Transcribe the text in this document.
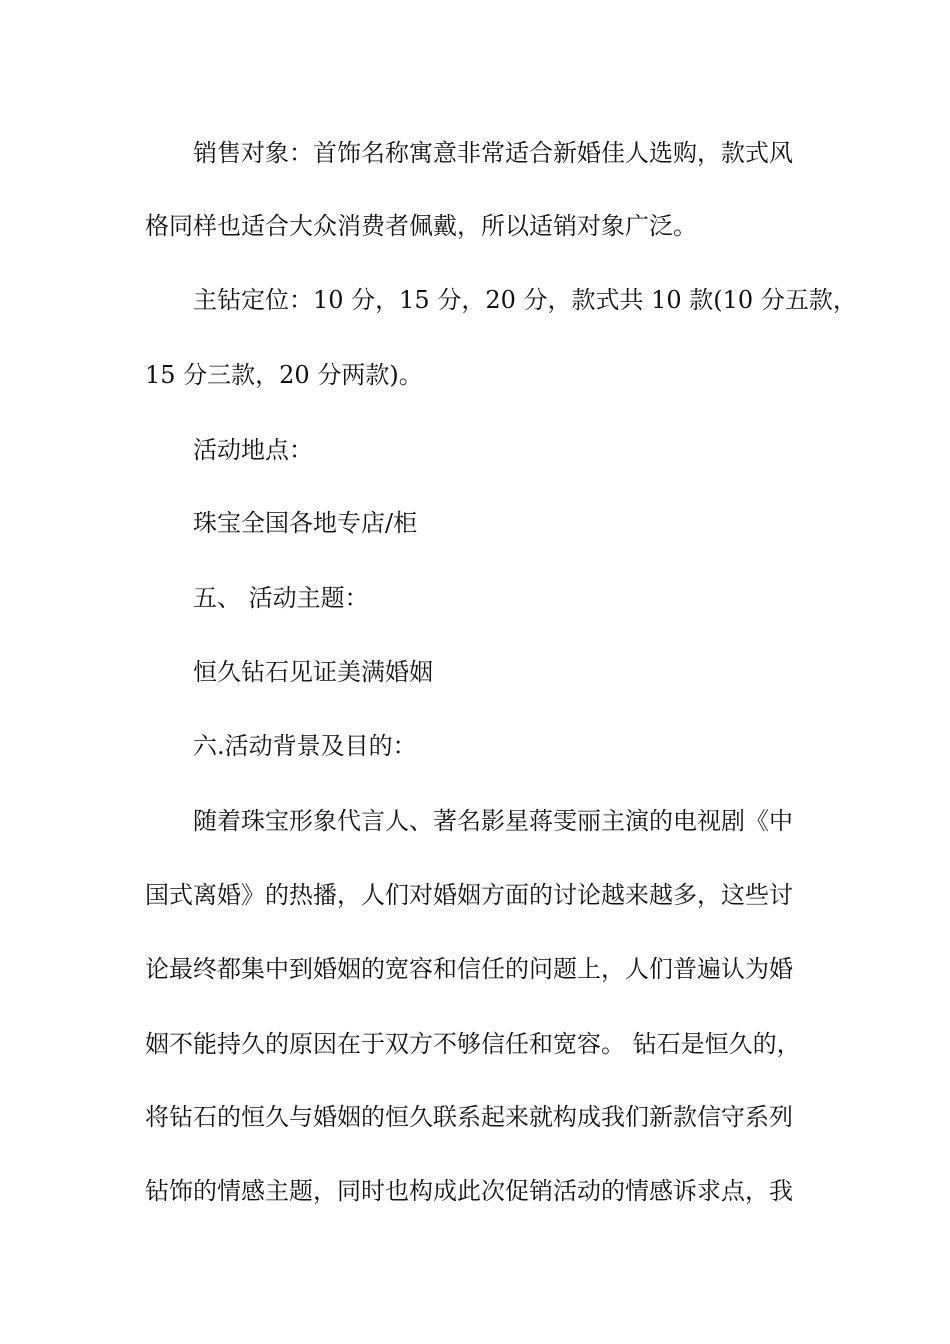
销售对象：首饰名称寓意非常适合新婚佳人选购，款式风
格同样也适合大众消费者佩戴，所以适销对象广泛。
主钻定位：10 分，15 分，20 分，款式共 10 款(10 分五款，
15 分三款，20 分两款)。
活动地点：
珠宝全国各地专店/柜
五、 活动主题：
恒久钻石见证美满婚姻
六.活动背景及目的：
随着珠宝形象代言人、著名影星蒋雯丽主演的电视剧《中
国式离婚》的热播，人们对婚姻方面的讨论越来越多，这些讨
论最终都集中到婚姻的宽容和信任的问题上，人们普遍认为婚
姻不能持久的原因在于双方不够信任和宽容。 钻石是恒久的，
将钻石的恒久与婚姻的恒久联系起来就构成我们新款信守系列
钻饰的情感主题，同时也构成此次促销活动的情感诉求点，我
